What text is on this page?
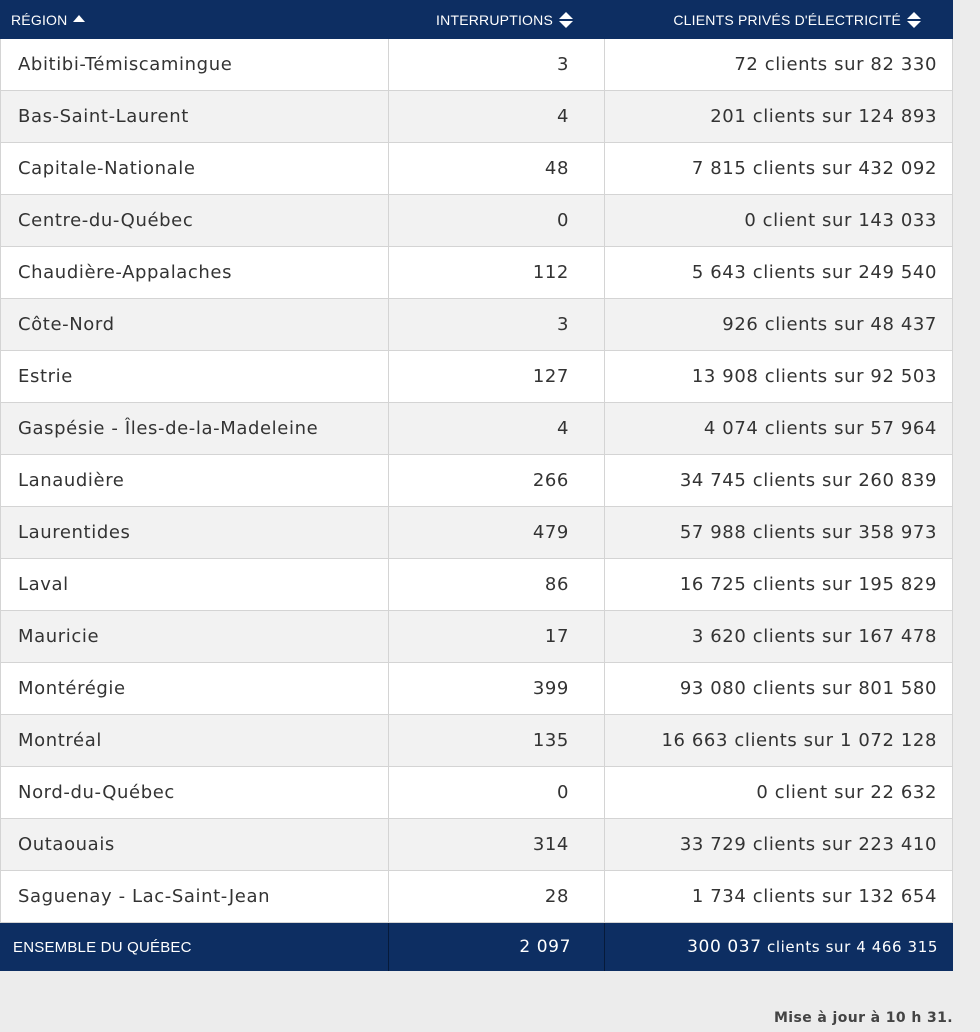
RÉGION	INTERRUPTIONS	CLIENTS PRIVÉS D'ÉLECTRICITÉ
Abitibi-Témiscamingue	3	72 clients sur 82 330
Bas-Saint-Laurent	4	201 clients sur 124 893
Capitale-Nationale	48	7 815 clients sur 432 092
Centre-du-Québec	0	0 client sur 143 033
Chaudière-Appalaches	112	5 643 clients sur 249 540
Côte-Nord	3	926 clients sur 48 437
Estrie	127	13 908 clients sur 92 503
Gaspésie - Îles-de-la-Madeleine	4	4 074 clients sur 57 964
Lanaudière	266	34 745 clients sur 260 839
Laurentides	479	57 988 clients sur 358 973
Laval	86	16 725 clients sur 195 829
Mauricie	17	3 620 clients sur 167 478
Montérégie	399	93 080 clients sur 801 580
Montréal	135	16 663 clients sur 1 072 128
Nord-du-Québec	0	0 client sur 22 632
Outaouais	314	33 729 clients sur 223 410
Saguenay - Lac-Saint-Jean	28	1 734 clients sur 132 654
ENSEMBLE DU QUÉBEC	2 097	300 037 clients sur 4 466 315
Mise à jour à 10 h 31.
